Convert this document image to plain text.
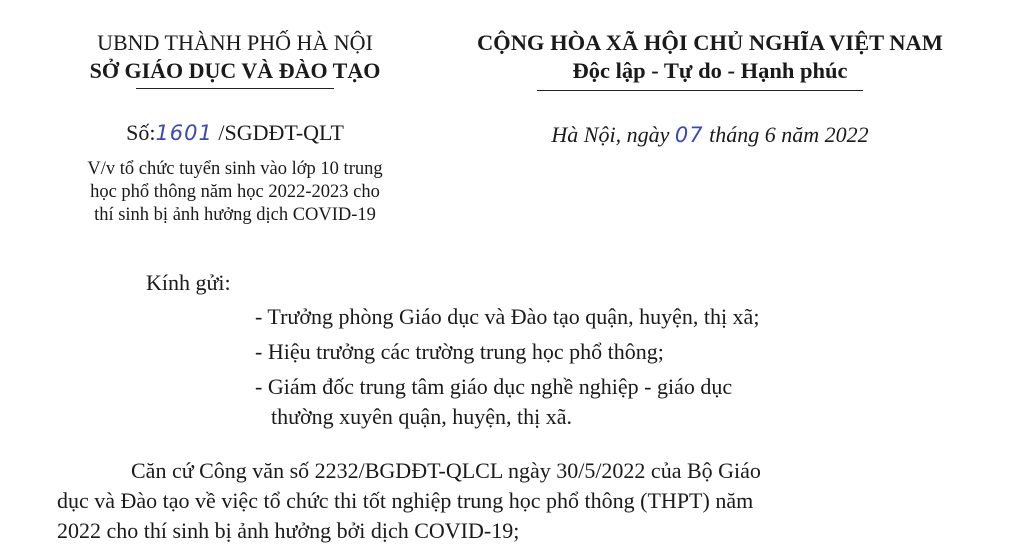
UBND THÀNH PHỐ HÀ NỘI
SỞ GIÁO DỤC VÀ ĐÀO TẠO
Số:1601 /SGDĐT-QLT
V/v tổ chức tuyển sinh vào lớp 10 trung
học phổ thông năm học 2022-2023 cho
thí sinh bị ảnh hưởng dịch COVID-19
CỘNG HÒA XÃ HỘI CHỦ NGHĨA VIỆT NAM
Độc lập - Tự do - Hạnh phúc
Hà Nội, ngày 07 tháng 6 năm 2022
Kính gửi:
- Trưởng phòng Giáo dục và Đào tạo quận, huyện, thị xã;
- Hiệu trưởng các trường trung học phổ thông;
- Giám đốc trung tâm giáo dục nghề nghiệp - giáo dục
thường xuyên quận, huyện, thị xã.
Căn cứ Công văn số 2232/BGDĐT-QLCL ngày 30/5/2022 của Bộ Giáo
dục và Đào tạo về việc tổ chức thi tốt nghiệp trung học phổ thông (THPT) năm
2022 cho thí sinh bị ảnh hưởng bởi dịch COVID-19;
